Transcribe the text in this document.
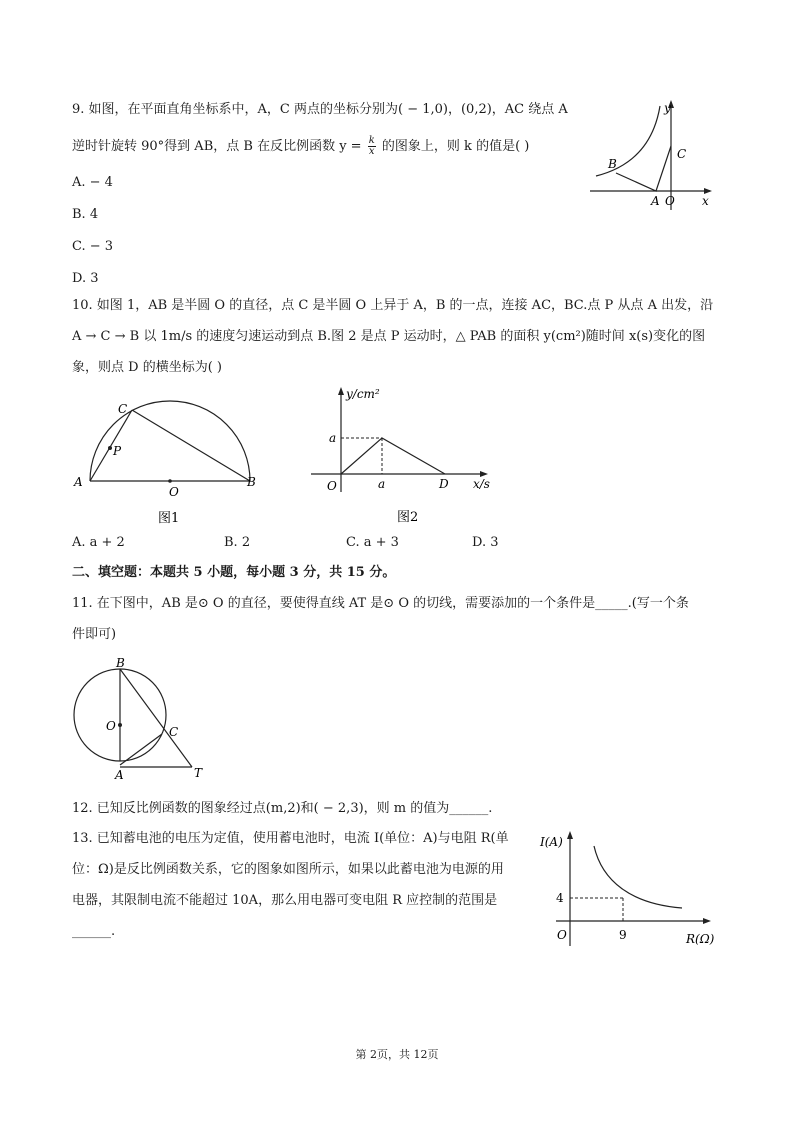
9. 如图，在平面直角坐标系中，A，C 两点的坐标分别为( − 1,0)，(0,2)，AC 绕点 A
逆时针旋转 90°得到 AB，点 B 在反比例函数 $y = \frac{k}{x}$ 的图象上，则 k 的值是( )
A. − 4
B. 4
C. − 3
D. 3
y
x
B
C
A O
10. 如图 1，AB 是半圆 O 的直径，点 C 是半圆 O 上异于 A，B 的一点，连接 AC，BC.点 P 从点 A 出发，沿
A → C → B 以 1m/s 的速度匀速运动到点 B.图 2 是点 P 运动时，△ PAB 的面积 y(cm²)随时间 x(s)变化的图
象，则点 D 的横坐标为( )
C
P
A
O
B
图1
y/cm²
a
O	a	D x/s
图2
A. a + 2	B. 2	C. a + 3	D. 3
二、填空题：本题共 5 小题，每小题 3 分，共 15 分。
11. 在下图中，AB 是⊙ O 的直径，要使得直线 AT 是⊙ O 的切线，需要添加的一个条件是_____.(写一个条
件即可)
B
O	C
A	T
12. 已知反比例函数的图象经过点(m,2)和( − 2,3)，则 m 的值为______.
13. 已知蓄电池的电压为定值，使用蓄电池时，电流 I(单位：A)与电阻 R(单
位：Ω)是反比例函数关系，它的图象如图所示，如果以此蓄电池为电源的用
电器，其限制电流不能超过 10A，那么用电器可变电阻 R 应控制的范围是
______.
I(A)
4
O	9	R(Ω)
第 2页，共 12页
